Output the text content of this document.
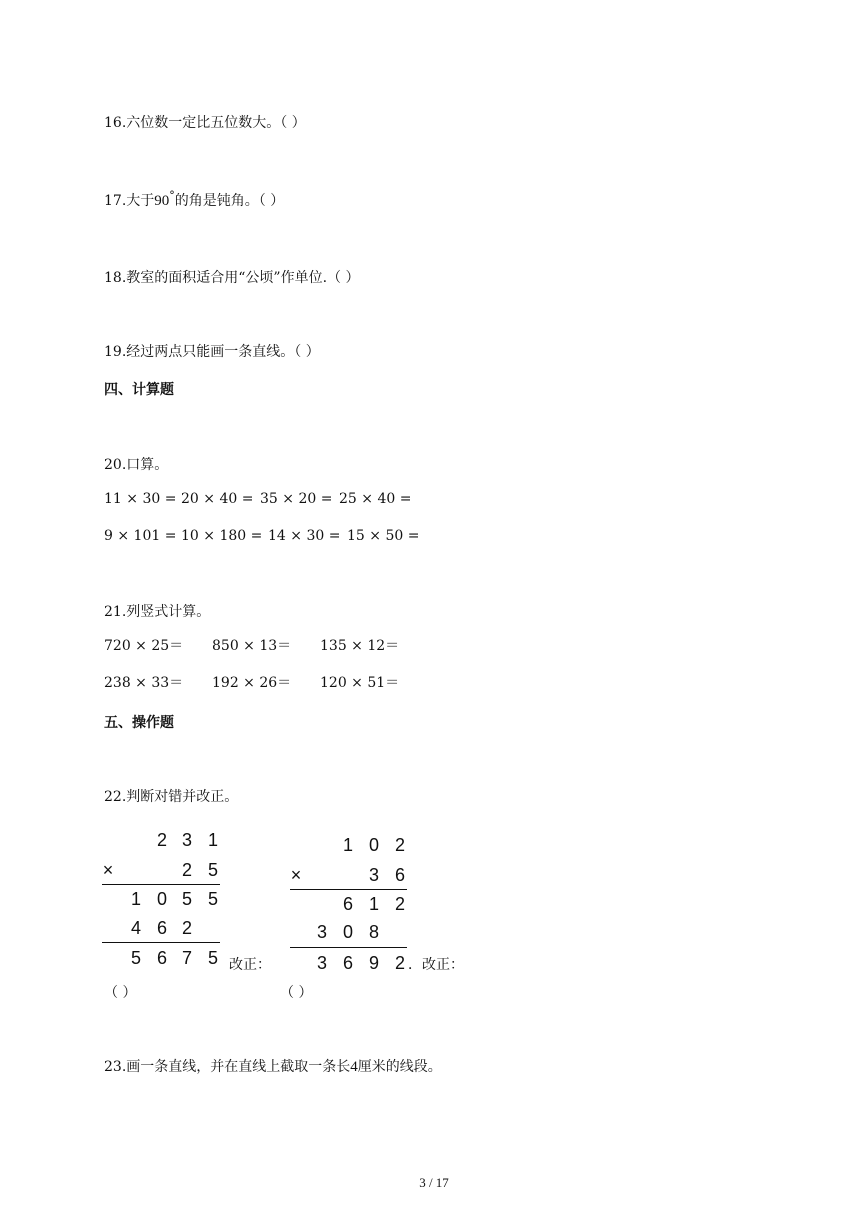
16.六位数一定比五位数大。（ ）
17.大于90°的角是钝角。（ ）
18.教室的面积适合用“公顷”作单位.（ ）
19.经过两点只能画一条直线。（ ）
四、计算题
20.口算。
11 × 30 = 20 × 40 = 35 × 20 = 25 × 40 =
9 × 101 = 10 × 180 = 14 × 30 = 15 × 50 =
21.列竖式计算。
720 × 25＝ 850 × 13＝ 135 × 12＝
238 × 33＝ 192 × 26＝ 120 × 51＝
五、操作题
22.判断对错并改正。
2 3 1
×	2 5
1 0 5 5
4 6 2
5 6 7 5 改正：
（ ）
1 0 2
×	3 6
6 1 2
3 0 8
3 6 9 2 ．改正：
（ ）
23.画一条直线，并在直线上截取一条长4厘米的线段。
3 / 17
